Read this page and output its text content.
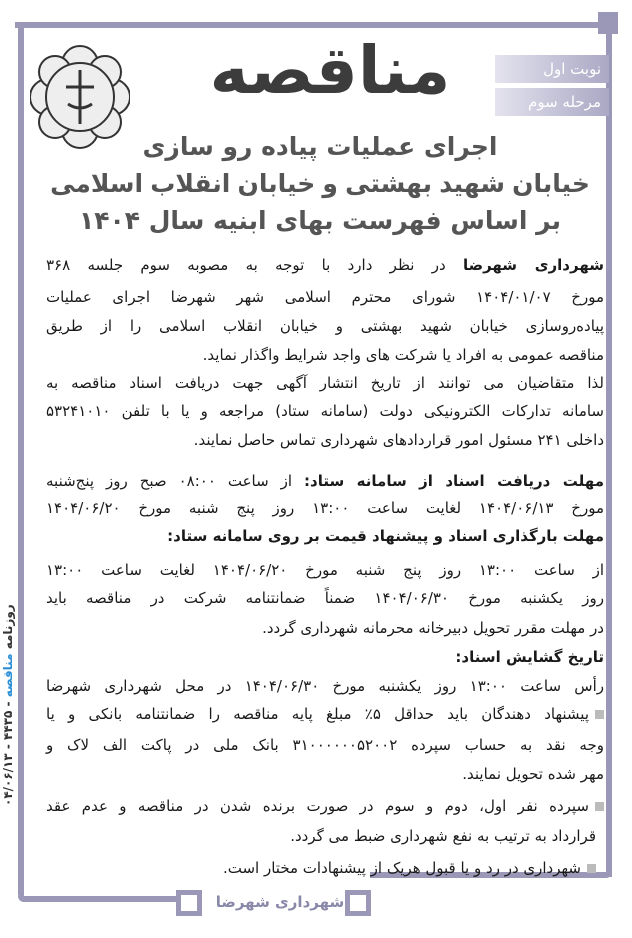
شهرداری شهرضا
مناقصه	نوبت اول
مرحله سوم
اجرای عملیات پیاده رو سازی
خیابان شهید بهشتی و خیابان انقلاب اسلامی
بر اساس فهرست بهای ابنیه سال ۱۴۰۴
شهرداری شهرضا در نظر دارد با توجه به مصوبه سوم جلسه ۳۶۸
مورخ ۱۴۰۴/۰۱/۰۷ شورای محترم اسلامی شهر شهرضا اجرای عملیات
پیاده‌روسازی خیابان شهید بهشتی و خیابان انقلاب اسلامی را از طریق
مناقصه عمومی به افراد یا شرکت های واجد شرایط واگذار نماید.
لذا متقاضیان می توانند از تاریخ انتشار آگهی جهت دریافت اسناد مناقصه به
سامانه تدارکات الکترونیکی دولت (سامانه ستاد) مراجعه و یا با تلفن ۵۳۲۴۱۰۱۰
داخلی ۲۴۱ مسئول امور قراردادهای شهرداری تماس حاصل نمایند.
مهلت دریافت اسناد از سامانه ستاد: از ساعت ۰۸:۰۰ صبح روز پنج‌شنبه
مورخ ۱۴۰۴/۰۶/۱۳ لغایت ساعت ۱۳:۰۰ روز پنج شنبه مورخ ۱۴۰۴/۰۶/۲۰
مهلت بارگذاری اسناد و پیشنهاد قیمت بر روی سامانه ستاد:
از ساعت ۱۳:۰۰ روز پنج شنبه مورخ ۱۴۰۴/۰۶/۲۰ لغایت ساعت ۱۳:۰۰
روز یکشنبه مورخ ۱۴۰۴/۰۶/۳۰ ضمناً ضمانتنامه شرکت در مناقصه باید
در مهلت مقرر تحویل دبیرخانه محرمانه شهرداری گردد.
تاریخ گشایش اسناد:
رأس ساعت ۱۳:۰۰ روز یکشنبه مورخ ۱۴۰۴/۰۶/۳۰ در محل شهرداری شهرضا
پیشنهاد دهندگان باید حداقل ۵٪ مبلغ پایه مناقصه را ضمانتنامه بانکی و یا
وجه نقد به حساب سپرده ۳۱۰۰۰۰۰۰۵۲۰۰۲ بانک ملی در پاکت الف لاک و
مهر شده تحویل نمایند.
سپرده نفر اول، دوم و سوم در صورت برنده شدن در مناقصه و عدم عقد
قرارداد به ترتیب به نفع شهرداری ضبط می گردد.
شهرداری در رد و یا قبول هریک از پیشنهادات مختار است.
روزنامه مناقصه - ۴۴۳۵ - ۰۴/۰۶/۱۳
